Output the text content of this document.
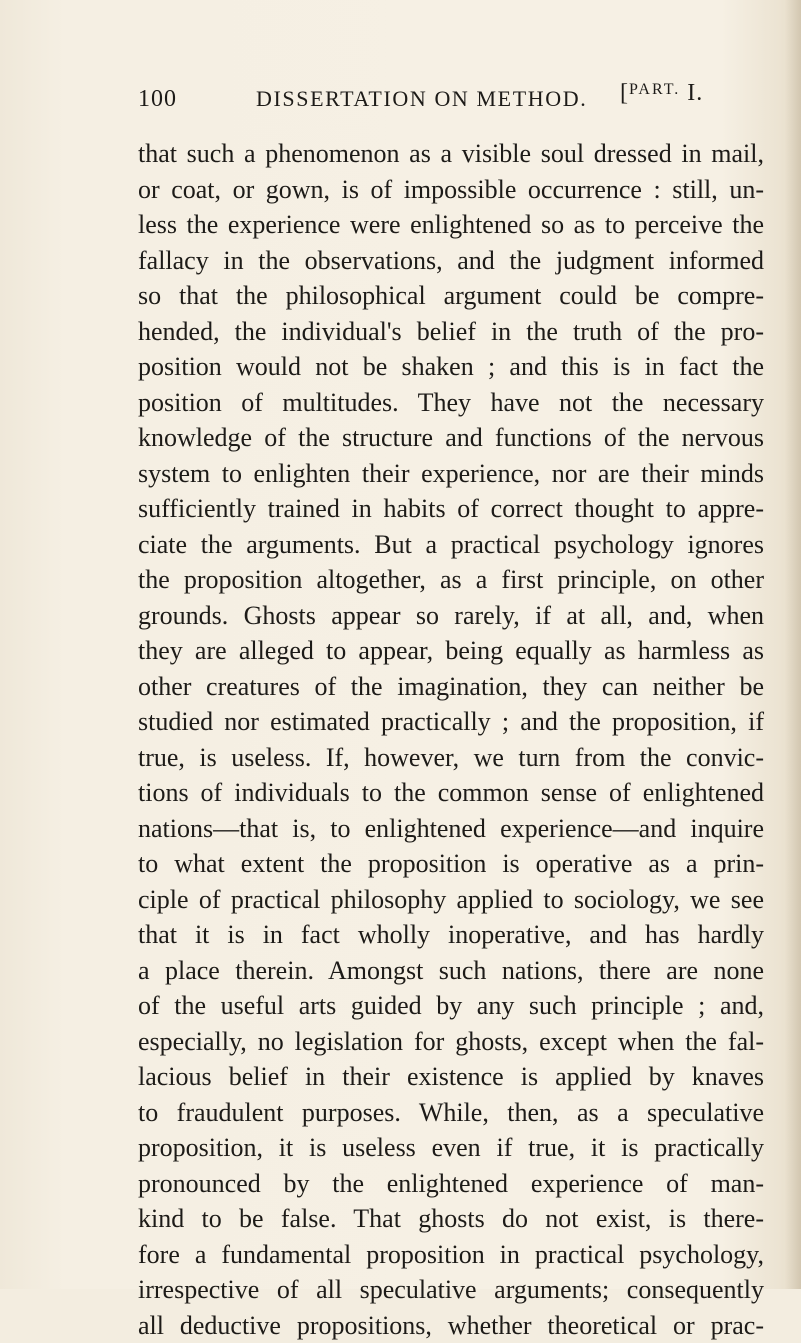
100	DISSERTATION ON METHOD. [$^{PART.}$ I.
that such a phenomenon as a visible soul dressed in mail,
or coat, or gown, is of impossible occurrence : still, un-
less the experience were enlightened so as to perceive the
fallacy in the observations, and the judgment informed
so that the philosophical argument could be compre-
hended, the individual's belief in the truth of the pro-
position would not be shaken ; and this is in fact the
position of multitudes. They have not the necessary
knowledge of the structure and functions of the nervous
system to enlighten their experience, nor are their minds
sufficiently trained in habits of correct thought to appre-
ciate the arguments. But a practical psychology ignores
the proposition altogether, as a first principle, on other
grounds. Ghosts appear so rarely, if at all, and, when
they are alleged to appear, being equally as harmless as
other creatures of the imagination, they can neither be
studied nor estimated practically ; and the proposition, if
true, is useless. If, however, we turn from the convic-
tions of individuals to the common sense of enlightened
nations—that is, to enlightened experience—and inquire
to what extent the proposition is operative as a prin-
ciple of practical philosophy applied to sociology, we see
that it is in fact wholly inoperative, and has hardly
a place therein. Amongst such nations, there are none
of the useful arts guided by any such principle ; and,
especially, no legislation for ghosts, except when the fal-
lacious belief in their existence is applied by knaves
to fraudulent purposes. While, then, as a speculative
proposition, it is useless even if true, it is practically
pronounced by the enlightened experience of man-
kind to be false. That ghosts do not exist, is there-
fore a fundamental proposition in practical psychology,
irrespective of all speculative arguments; consequently
all deductive propositions, whether theoretical or prac-
